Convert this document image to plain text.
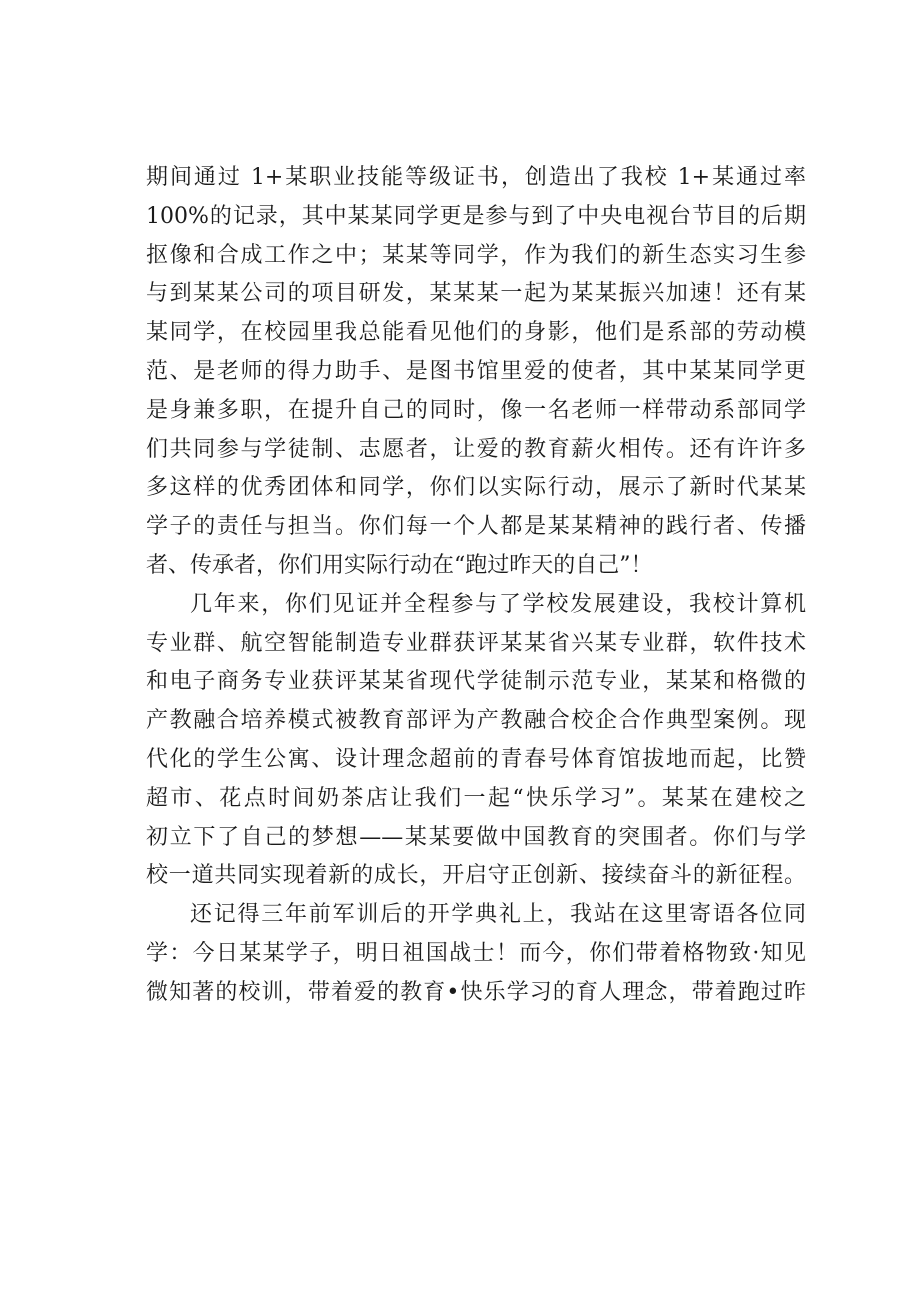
期间通过 1+某职业技能等级证书，创造出了我校 1+某通过率
100%的记录，其中某某同学更是参与到了中央电视台节目的后期
抠像和合成工作之中；某某等同学，作为我们的新生态实习生参
与到某某公司的项目研发，某某某一起为某某振兴加速！还有某
某同学，在校园里我总能看见他们的身影，他们是系部的劳动模
范、是老师的得力助手、是图书馆里爱的使者，其中某某同学更
是身兼多职，在提升自己的同时，像一名老师一样带动系部同学
们共同参与学徒制、志愿者，让爱的教育薪火相传。还有许许多
多这样的优秀团体和同学，你们以实际行动，展示了新时代某某
学子的责任与担当。你们每一个人都是某某精神的践行者、传播
者、传承者，你们用实际行动在“跑过昨天的自己”！
几年来，你们见证并全程参与了学校发展建设，我校计算机
专业群、航空智能制造专业群获评某某省兴某专业群，软件技术
和电子商务专业获评某某省现代学徒制示范专业，某某和格微的
产教融合培养模式被教育部评为产教融合校企合作典型案例。现
代化的学生公寓、设计理念超前的青春号体育馆拔地而起，比赞
超市、花点时间奶茶店让我们一起“快乐学习”。某某在建校之
初立下了自己的梦想——某某要做中国教育的突围者。你们与学
校一道共同实现着新的成长，开启守正创新、接续奋斗的新征程。
还记得三年前军训后的开学典礼上，我站在这里寄语各位同
学：今日某某学子，明日祖国战士！而今，你们带着格物致·知见
微知著的校训，带着爱的教育•快乐学习的育人理念，带着跑过昨
